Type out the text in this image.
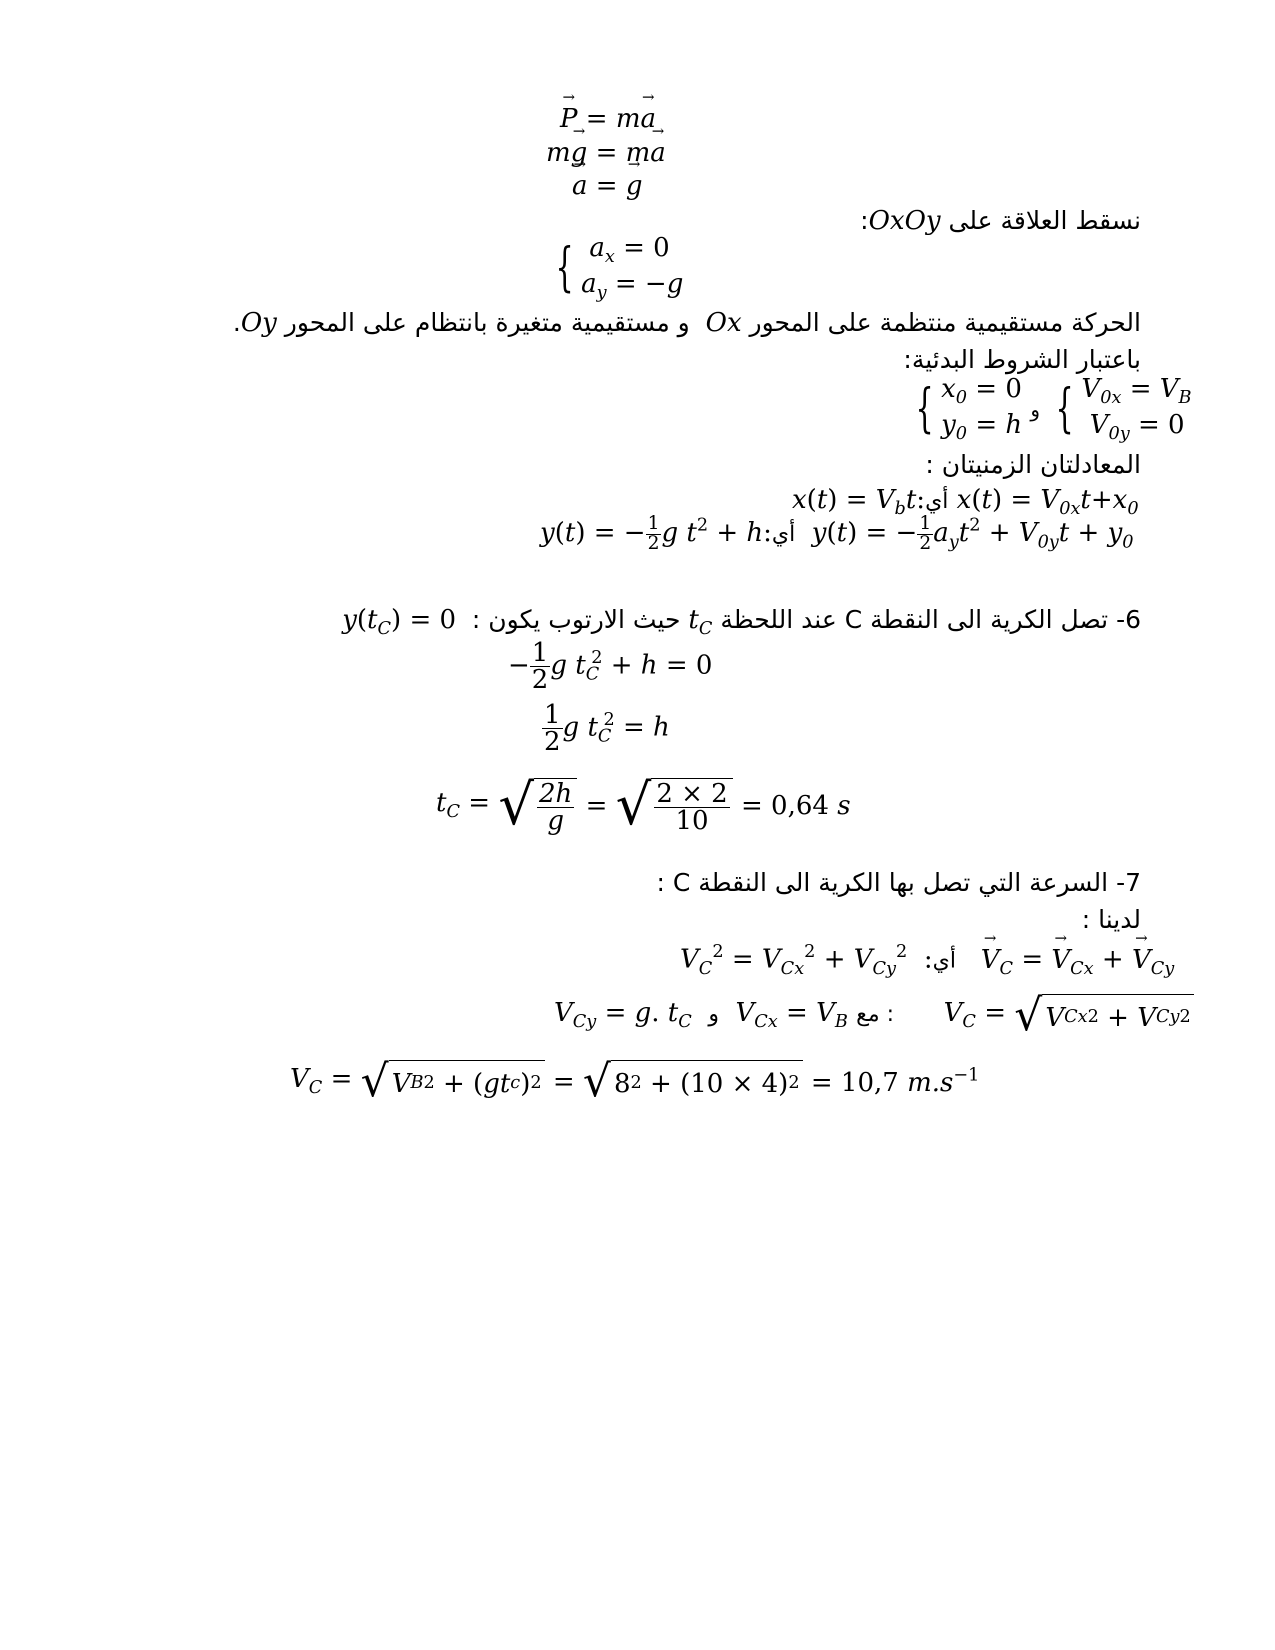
→ P = m→ a
m→ g = m→ a
→ a = → g
نسقط العلاقة على OxOy:
{ $a_x = 0$
$a_y = -g$
الحركة مستقيمية منتظمة على المحور Ox  و مستقيمية متغيرة بانتظام على المحور Oy.
باعتبار الشروط البدئية:
{ $x_0 = 0$
$y_0 = h$
و { $V_{0x} = V_B$
$V_{0y} = 0$
المعادلتان الزمنيتان :
$x(t) = V_bt:أي$ $x(t) = V_{0x}t+x_0$
y(t) = − $\frac{1}{2}$ g $t^2$ + h:أي  y(t) = − $\frac{1}{2} a_yt^2 + V_{0y}t + y_0$
6- تصل الكرية الى النقطة C عند اللحظة $t_C$ حيث الارتوب يكون :  $y(t_C) = 0$
− $\frac{1}{2}$ g $t_C^2 + h = 0$
$\frac{1}{2}$ g $t_C^2 = h$
$t_C$ = √ $\frac{2h}{g}$ = √ $\frac{2 \times 2}{10} = 0,64$ s
7- السرعة التي تصل بها الكرية الى النقطة C :
لدينا :
$V_C^2 = V_{Cx}^2 + V_{Cy}^2$ :أي → $V_C$ = → $V_{Cx}$ + → $V_{Cy}$
$V_{Cy} = g$. $t_C$ و  $V_{Cx} = V_B$ مع : $V_C$ = √ V Cx 2 + V Cy 2
$V_C$ = √ V B 2 + ( gt c ) 2 = √ 8 2 + (10 × 4) 2 = 10,7 $m.s^{-1}$
